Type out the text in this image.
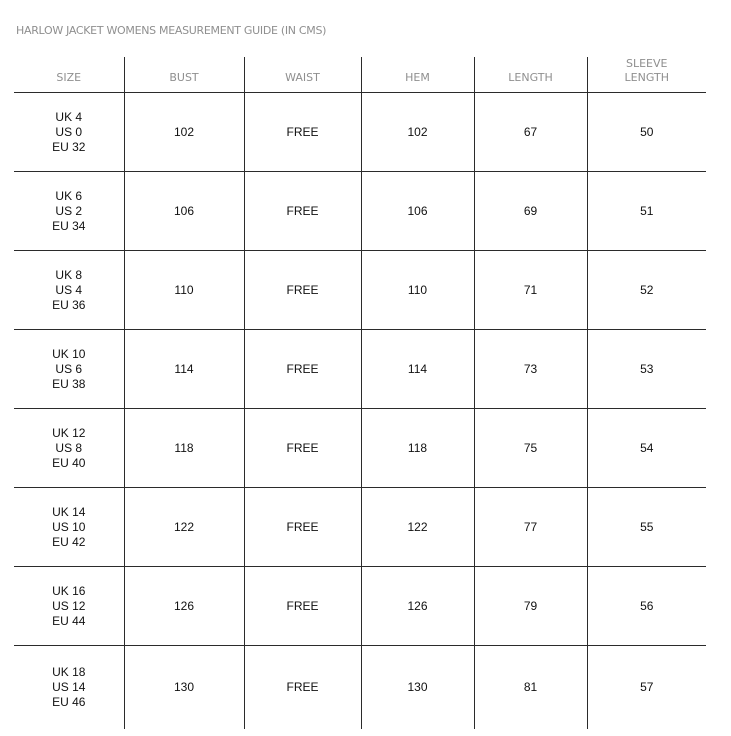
HARLOW JACKET WOMENS MEASUREMENT GUIDE (IN CMS)
SIZE	BUST	WAIST	HEM	LENGTH	SLEEVE LENGTH

UK 4
US 0
EU 32	102	FREE	102	67	50

UK 6
US 2
EU 34	106	FREE	106	69	51

UK 8
US 4
EU 36	110	FREE	110	71	52

UK 10
US 6
EU 38	114	FREE	114	73	53

UK 12
US 8
EU 40	118	FREE	118	75	54

UK 14
US 10
EU 42	122	FREE	122	77	55

UK 16
US 12
EU 44	126	FREE	126	79	56

UK 18
US 14
EU 46	130	FREE	130	81	57
